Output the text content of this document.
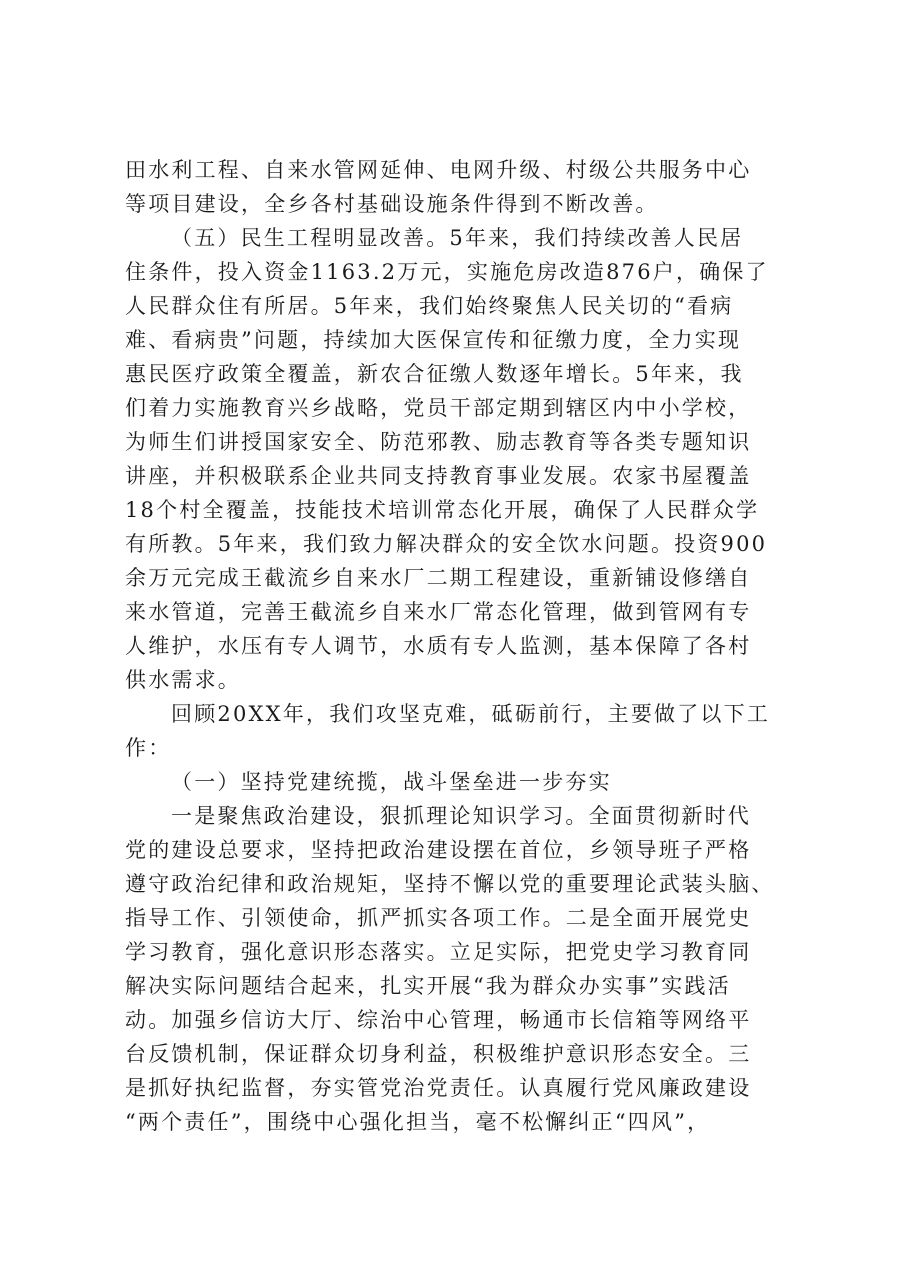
田水利工程、自来水管网延伸、电网升级、村级公共服务中心
等项目建设，全乡各村基础设施条件得到不断改善。
（五）民生工程明显改善。5年来，我们持续改善人民居
住条件，投入资金1163.2万元，实施危房改造876户，确保了
人民群众住有所居。5年来，我们始终聚焦人民关切的“看病
难、看病贵”问题，持续加大医保宣传和征缴力度，全力实现
惠民医疗政策全覆盖，新农合征缴人数逐年增长。5年来，我
们着力实施教育兴乡战略，党员干部定期到辖区内中小学校，
为师生们讲授国家安全、防范邪教、励志教育等各类专题知识
讲座，并积极联系企业共同支持教育事业发展。农家书屋覆盖
18个村全覆盖，技能技术培训常态化开展，确保了人民群众学
有所教。5年来，我们致力解决群众的安全饮水问题。投资900
余万元完成王截流乡自来水厂二期工程建设，重新铺设修缮自
来水管道，完善王截流乡自来水厂常态化管理，做到管网有专
人维护，水压有专人调节，水质有专人监测，基本保障了各村
供水需求。
回顾20XX年，我们攻坚克难，砥砺前行，主要做了以下工
作：
（一）坚持党建统揽，战斗堡垒进一步夯实
一是聚焦政治建设，狠抓理论知识学习。全面贯彻新时代
党的建设总要求，坚持把政治建设摆在首位，乡领导班子严格
遵守政治纪律和政治规矩，坚持不懈以党的重要理论武装头脑、
指导工作、引领使命，抓严抓实各项工作。二是全面开展党史
学习教育，强化意识形态落实。立足实际，把党史学习教育同
解决实际问题结合起来，扎实开展“我为群众办实事”实践活
动。加强乡信访大厅、综治中心管理，畅通市长信箱等网络平
台反馈机制，保证群众切身利益，积极维护意识形态安全。三
是抓好执纪监督，夯实管党治党责任。认真履行党风廉政建设
“两个责任”，围绕中心强化担当，毫不松懈纠正“四风”，
